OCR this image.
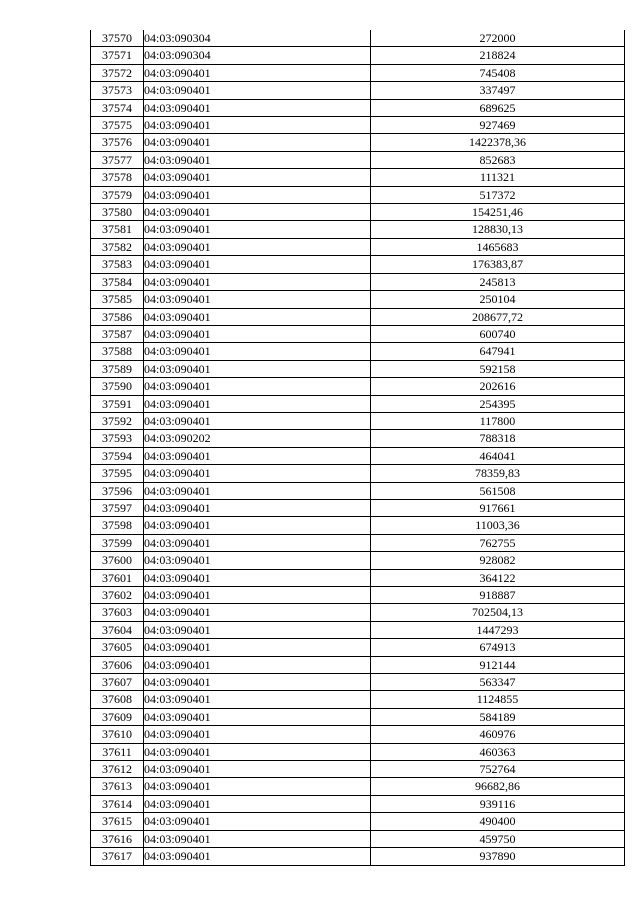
37570	04:03:090304	272000
37571	04:03:090304	218824
37572	04:03:090401	745408
37573	04:03:090401	337497
37574	04:03:090401	689625
37575	04:03:090401	927469
37576	04:03:090401	1422378,36
37577	04:03:090401	852683
37578	04:03:090401	111321
37579	04:03:090401	517372
37580	04:03:090401	154251,46
37581	04:03:090401	128830,13
37582	04:03:090401	1465683
37583	04:03:090401	176383,87
37584	04:03:090401	245813
37585	04:03:090401	250104
37586	04:03:090401	208677,72
37587	04:03:090401	600740
37588	04:03:090401	647941
37589	04:03:090401	592158
37590	04:03:090401	202616
37591	04:03:090401	254395
37592	04:03:090401	117800
37593	04:03:090202	788318
37594	04:03:090401	464041
37595	04:03:090401	78359,83
37596	04:03:090401	561508
37597	04:03:090401	917661
37598	04:03:090401	11003,36
37599	04:03:090401	762755
37600	04:03:090401	928082
37601	04:03:090401	364122
37602	04:03:090401	918887
37603	04:03:090401	702504,13
37604	04:03:090401	1447293
37605	04:03:090401	674913
37606	04:03:090401	912144
37607	04:03:090401	563347
37608	04:03:090401	1124855
37609	04:03:090401	584189
37610	04:03:090401	460976
37611	04:03:090401	460363
37612	04:03:090401	752764
37613	04:03:090401	96682,86
37614	04:03:090401	939116
37615	04:03:090401	490400
37616	04:03:090401	459750
37617	04:03:090401	937890
